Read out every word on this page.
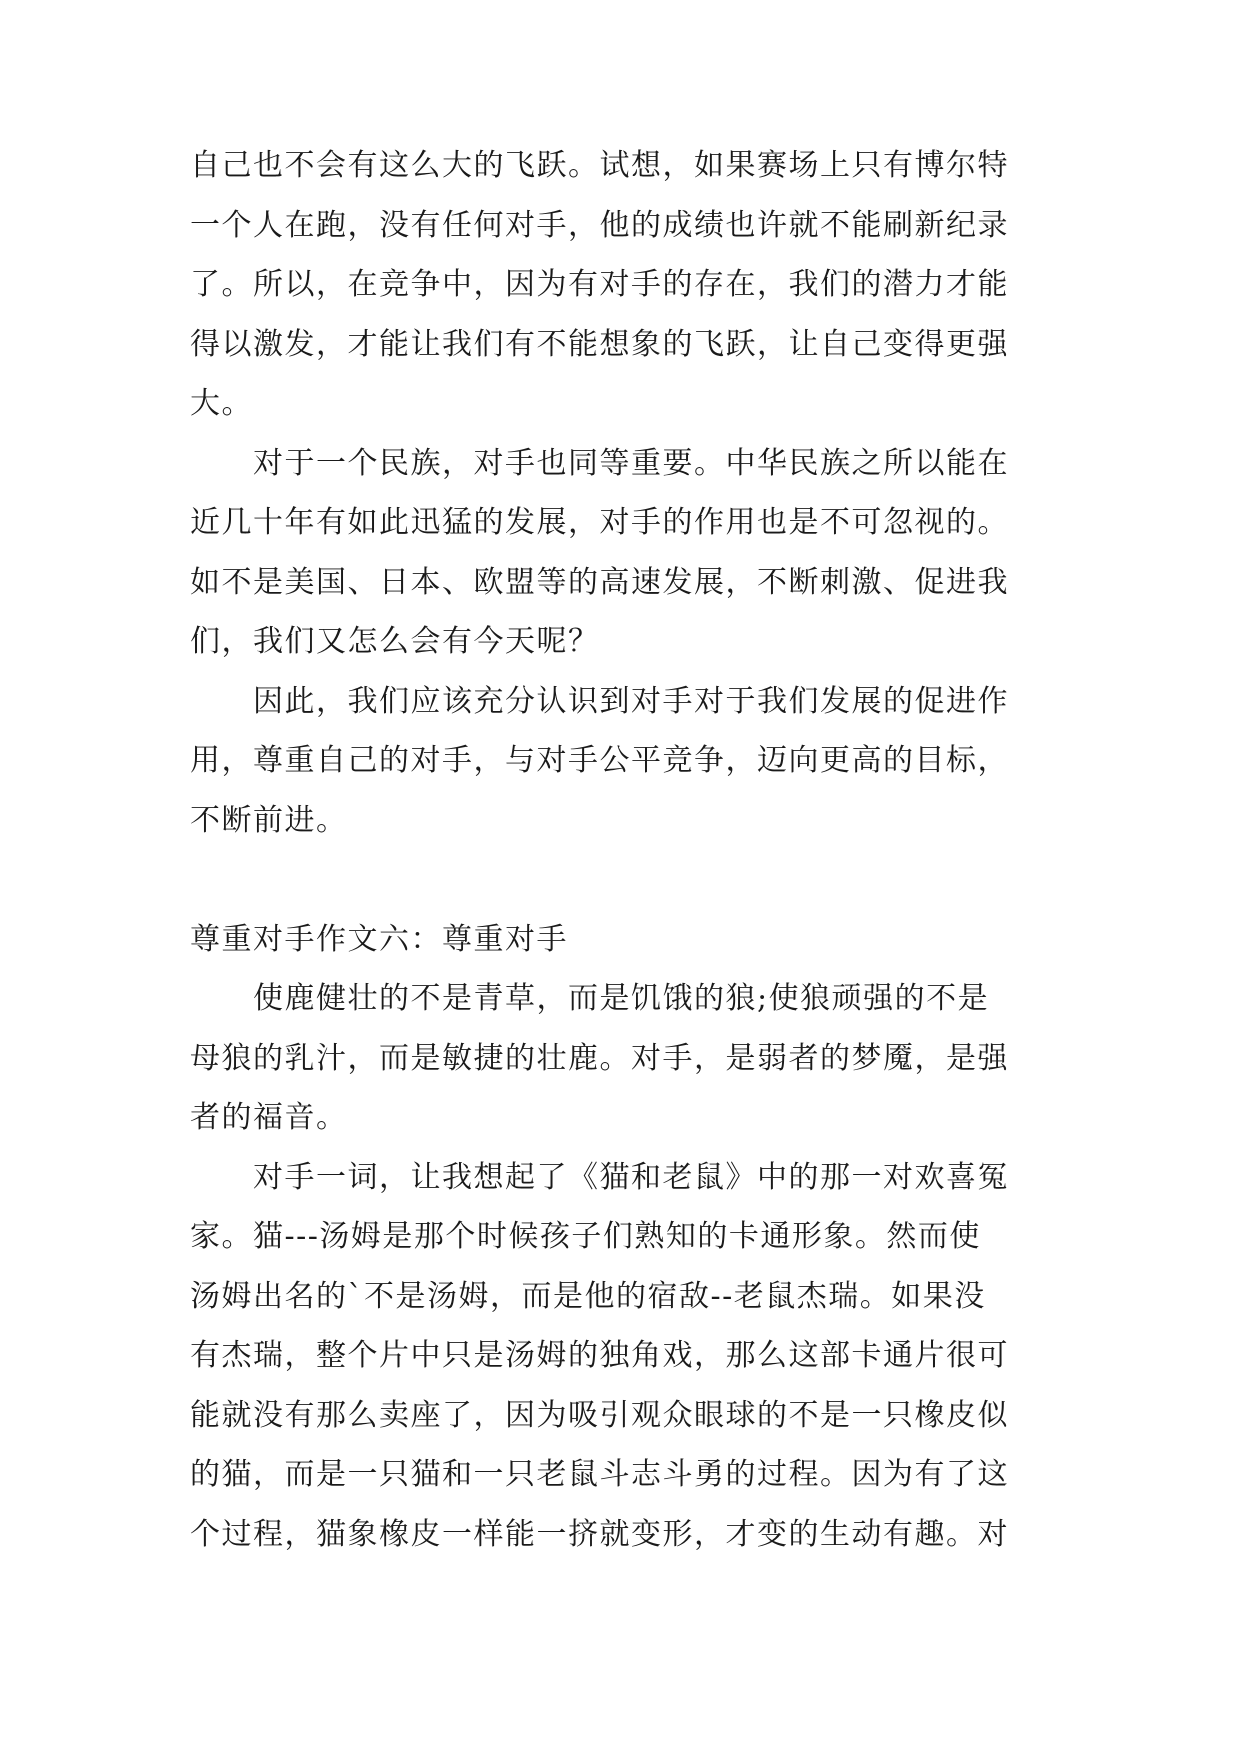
自己也不会有这么大的飞跃。试想，如果赛场上只有博尔特
一个人在跑，没有任何对手，他的成绩也许就不能刷新纪录
了。所以，在竞争中，因为有对手的存在，我们的潜力才能
得以激发，才能让我们有不能想象的飞跃，让自己变得更强
大。
　　对于一个民族，对手也同等重要。中华民族之所以能在
近几十年有如此迅猛的发展，对手的作用也是不可忽视的。
如不是美国、日本、欧盟等的高速发展，不断刺激、促进我
们，我们又怎么会有今天呢？
　　因此，我们应该充分认识到对手对于我们发展的促进作
用，尊重自己的对手，与对手公平竞争，迈向更高的目标，
不断前进。
尊重对手作文六：尊重对手
　　使鹿健壮的不是青草，而是饥饿的狼;使狼顽强的不是
母狼的乳汁，而是敏捷的壮鹿。对手，是弱者的梦魇，是强
者的福音。
　　对手一词，让我想起了《猫和老鼠》中的那一对欢喜冤
家。猫---汤姆是那个时候孩子们熟知的卡通形象。然而使
汤姆出名的`不是汤姆，而是他的宿敌--老鼠杰瑞。如果没
有杰瑞，整个片中只是汤姆的独角戏，那么这部卡通片很可
能就没有那么卖座了，因为吸引观众眼球的不是一只橡皮似
的猫，而是一只猫和一只老鼠斗志斗勇的过程。因为有了这
个过程，猫象橡皮一样能一挤就变形，才变的生动有趣。对
